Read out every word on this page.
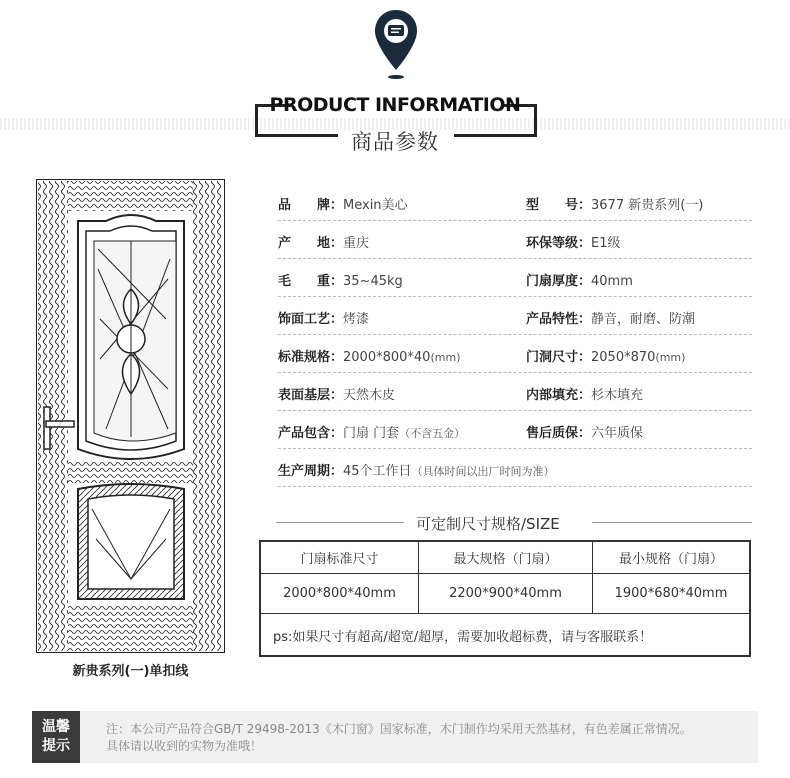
PRODUCT INFORMATION
商品参数
新贵系列(一)单扣线
品　　牌：Mexin美心	型　　号：3677 新贵系列(一)
产　　地：重庆	环保等级：E1级
毛　　重：35~45kg	门扇厚度：40mm
饰面工艺：烤漆	产品特性：静音，耐磨、防潮
标准规格：2000*800*40(mm)	门洞尺寸：2050*870(mm)
表面基层：天然木皮	内部填充：杉木填充
产品包含：门扇 门套（不含五金）	售后质保：六年质保
生产周期：45个工作日（具体时间以出厂时间为准）
可定制尺寸规格/SIZE
门扇标准尺寸	最大规格（门扇）	最小规格（门扇）
2000*800*40mm	2200*900*40mm	1900*680*40mm
ps:如果尺寸有超高/超宽/超厚，需要加收超标费，请与客服联系！
温馨
提示
注：本公司产品符合GB/T 29498-2013《木门窗》国家标准，木门制作均采用天然基材，有色差属正常情况。
具体请以收到的实物为准哦！
